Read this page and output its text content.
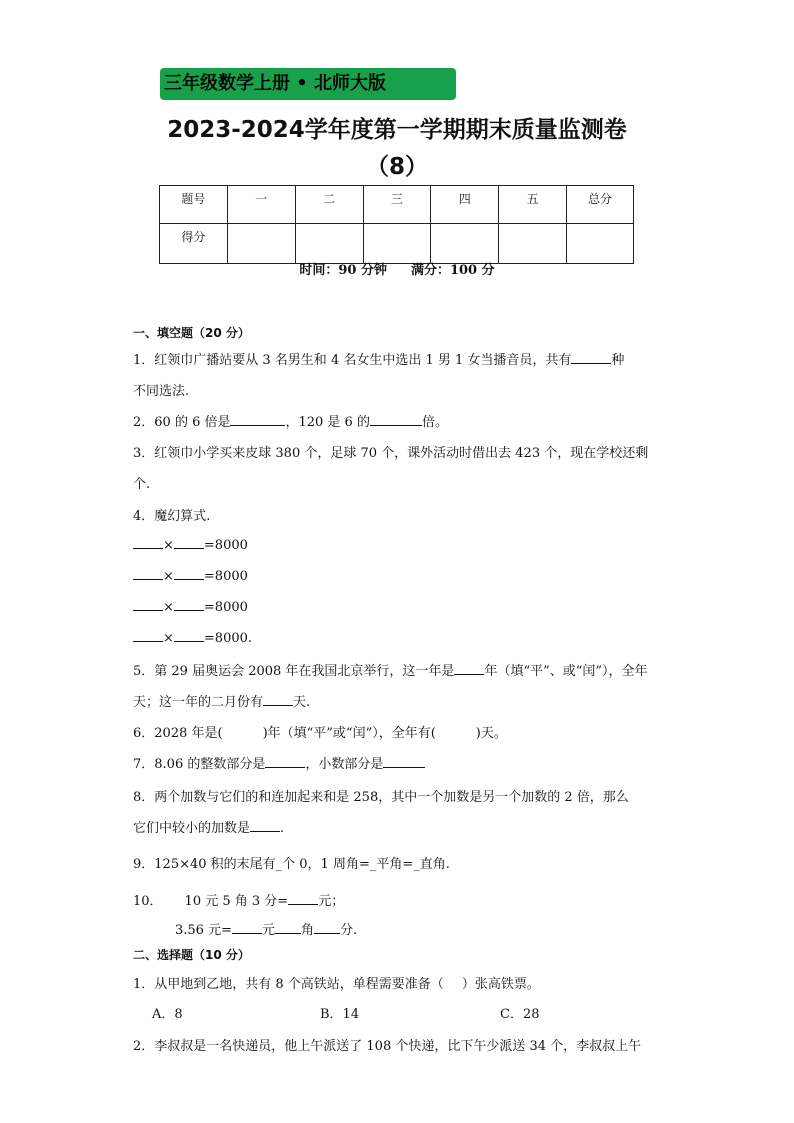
三年级数学上册 • 北师大版
2023-2024学年度第一学期期末质量监测卷
（8）
题号	一	二	三	四	五	总分
得分						
时间：90 分钟 满分：100 分
一、填空题（20 分）
1．红领巾广播站要从 3 名男生和 4 名女生中选出 1 男 1 女当播音员，共有	种
不同选法.
2．60 的 6 倍是	，120 是 6 的	倍。
3．红领巾小学买来皮球 380 个，足球 70 个，课外活动时借出去 423 个，现在学校还剩
个.
4．魔幻算式.
× =8000
× =8000
× =8000
× =8000.
5．第 29 届奥运会 2008 年在我国北京举行，这一年是 年（填“平”、或“闰”），全年
天；这一年的二月份有 天.
6．2028 年是(	)年（填“平”或“闰”），全年有(	)天。
7．8.06 的整数部分是	，小数部分是
8．两个加数与它们的和连加起来和是 258，其中一个加数是另一个加数的 2 倍，那么
它们中较小的加数是 .
9．125×40 积的末尾有_个 0，1 周角=_平角=_直角.
10． 10 元 5 角 3 分= 元；
3.56 元= 元 角 分.
二、选择题（10 分）
1．从甲地到乙地，共有 8 个高铁站，单程需要准备（ ）张高铁票。
A．8	B．14	C．28
2．李叔叔是一名快递员，他上午派送了 108 个快递，比下午少派送 34 个，李叔叔上午
